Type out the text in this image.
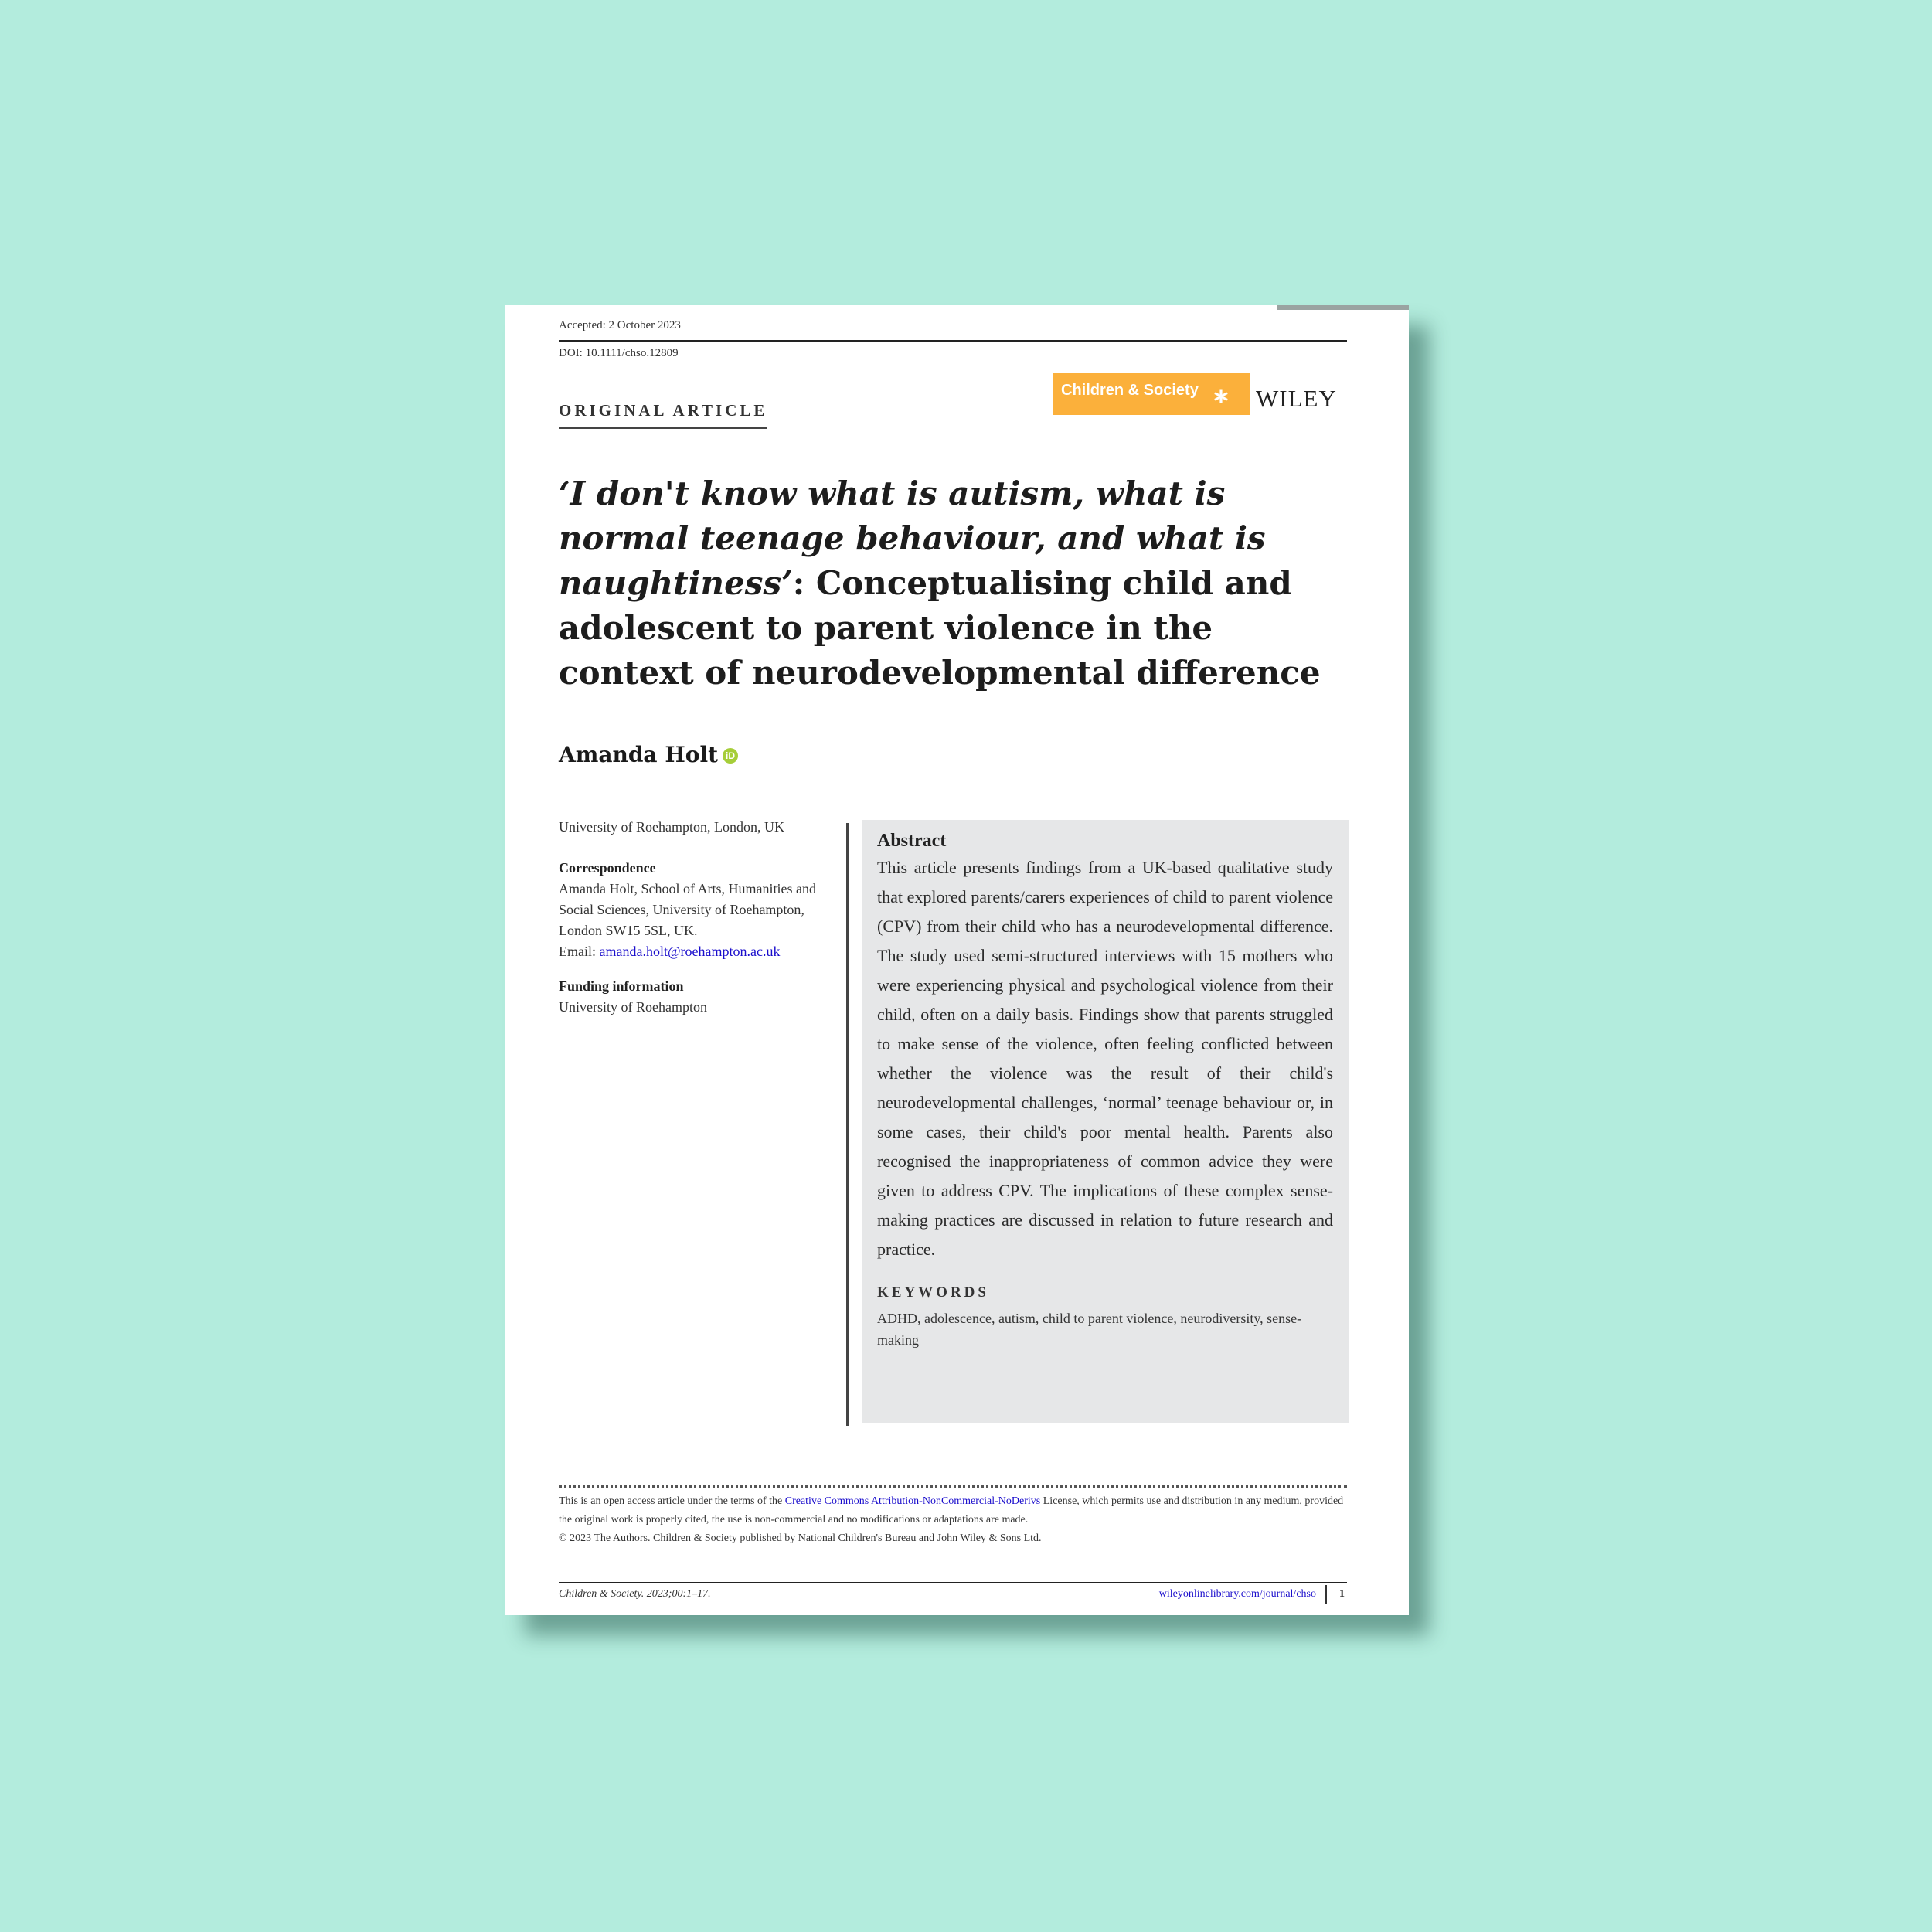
Accepted: 2 October 2023
DOI: 10.1111/chso.12809
ORIGINAL ARTICLE
Children & Society ⁎ WILEY
‘I don't know what is autism, what is normal teenage behaviour, and what is naughtiness’: Conceptualising child and adolescent to parent violence in the context of neurodevelopmental difference
Amanda Holt iD
University of Roehampton, London, UK
Correspondence
Amanda Holt, School of Arts, Humanities and Social Sciences, University of Roehampton, London SW15 5SL, UK.
Email: amanda.holt@roehampton.ac.uk
Funding information
University of Roehampton
Abstract
This article presents findings from a UK-based qualitative study that explored parents/carers experiences of child to parent violence (CPV) from their child who has a neurodevelopmental difference. The study used semi-structured interviews with 15 mothers who were experiencing physical and psychological violence from their child, often on a daily basis. Findings show that parents struggled to make sense of the violence, often feeling conflicted between whether the violence was the result of their child's neurodevelopmental challenges, ‘normal’ teenage behaviour or, in some cases, their child's poor mental health. Parents also recognised the inappropriateness of common advice they were given to address CPV. The implications of these complex sense-making practices are discussed in relation to future research and practice.
KEYWORDS
ADHD, adolescence, autism, child to parent violence, neurodiversity, sense-making
This is an open access article under the terms of the Creative Commons Attribution-NonCommercial-NoDerivs License, which permits use and distribution in any medium, provided the original work is properly cited, the use is non-commercial and no modifications or adaptations are made.
© 2023 The Authors. Children & Society published by National Children's Bureau and John Wiley & Sons Ltd.
Children & Society. 2023;00:1–17.	wileyonlinelibrary.com/journal/chso 1
